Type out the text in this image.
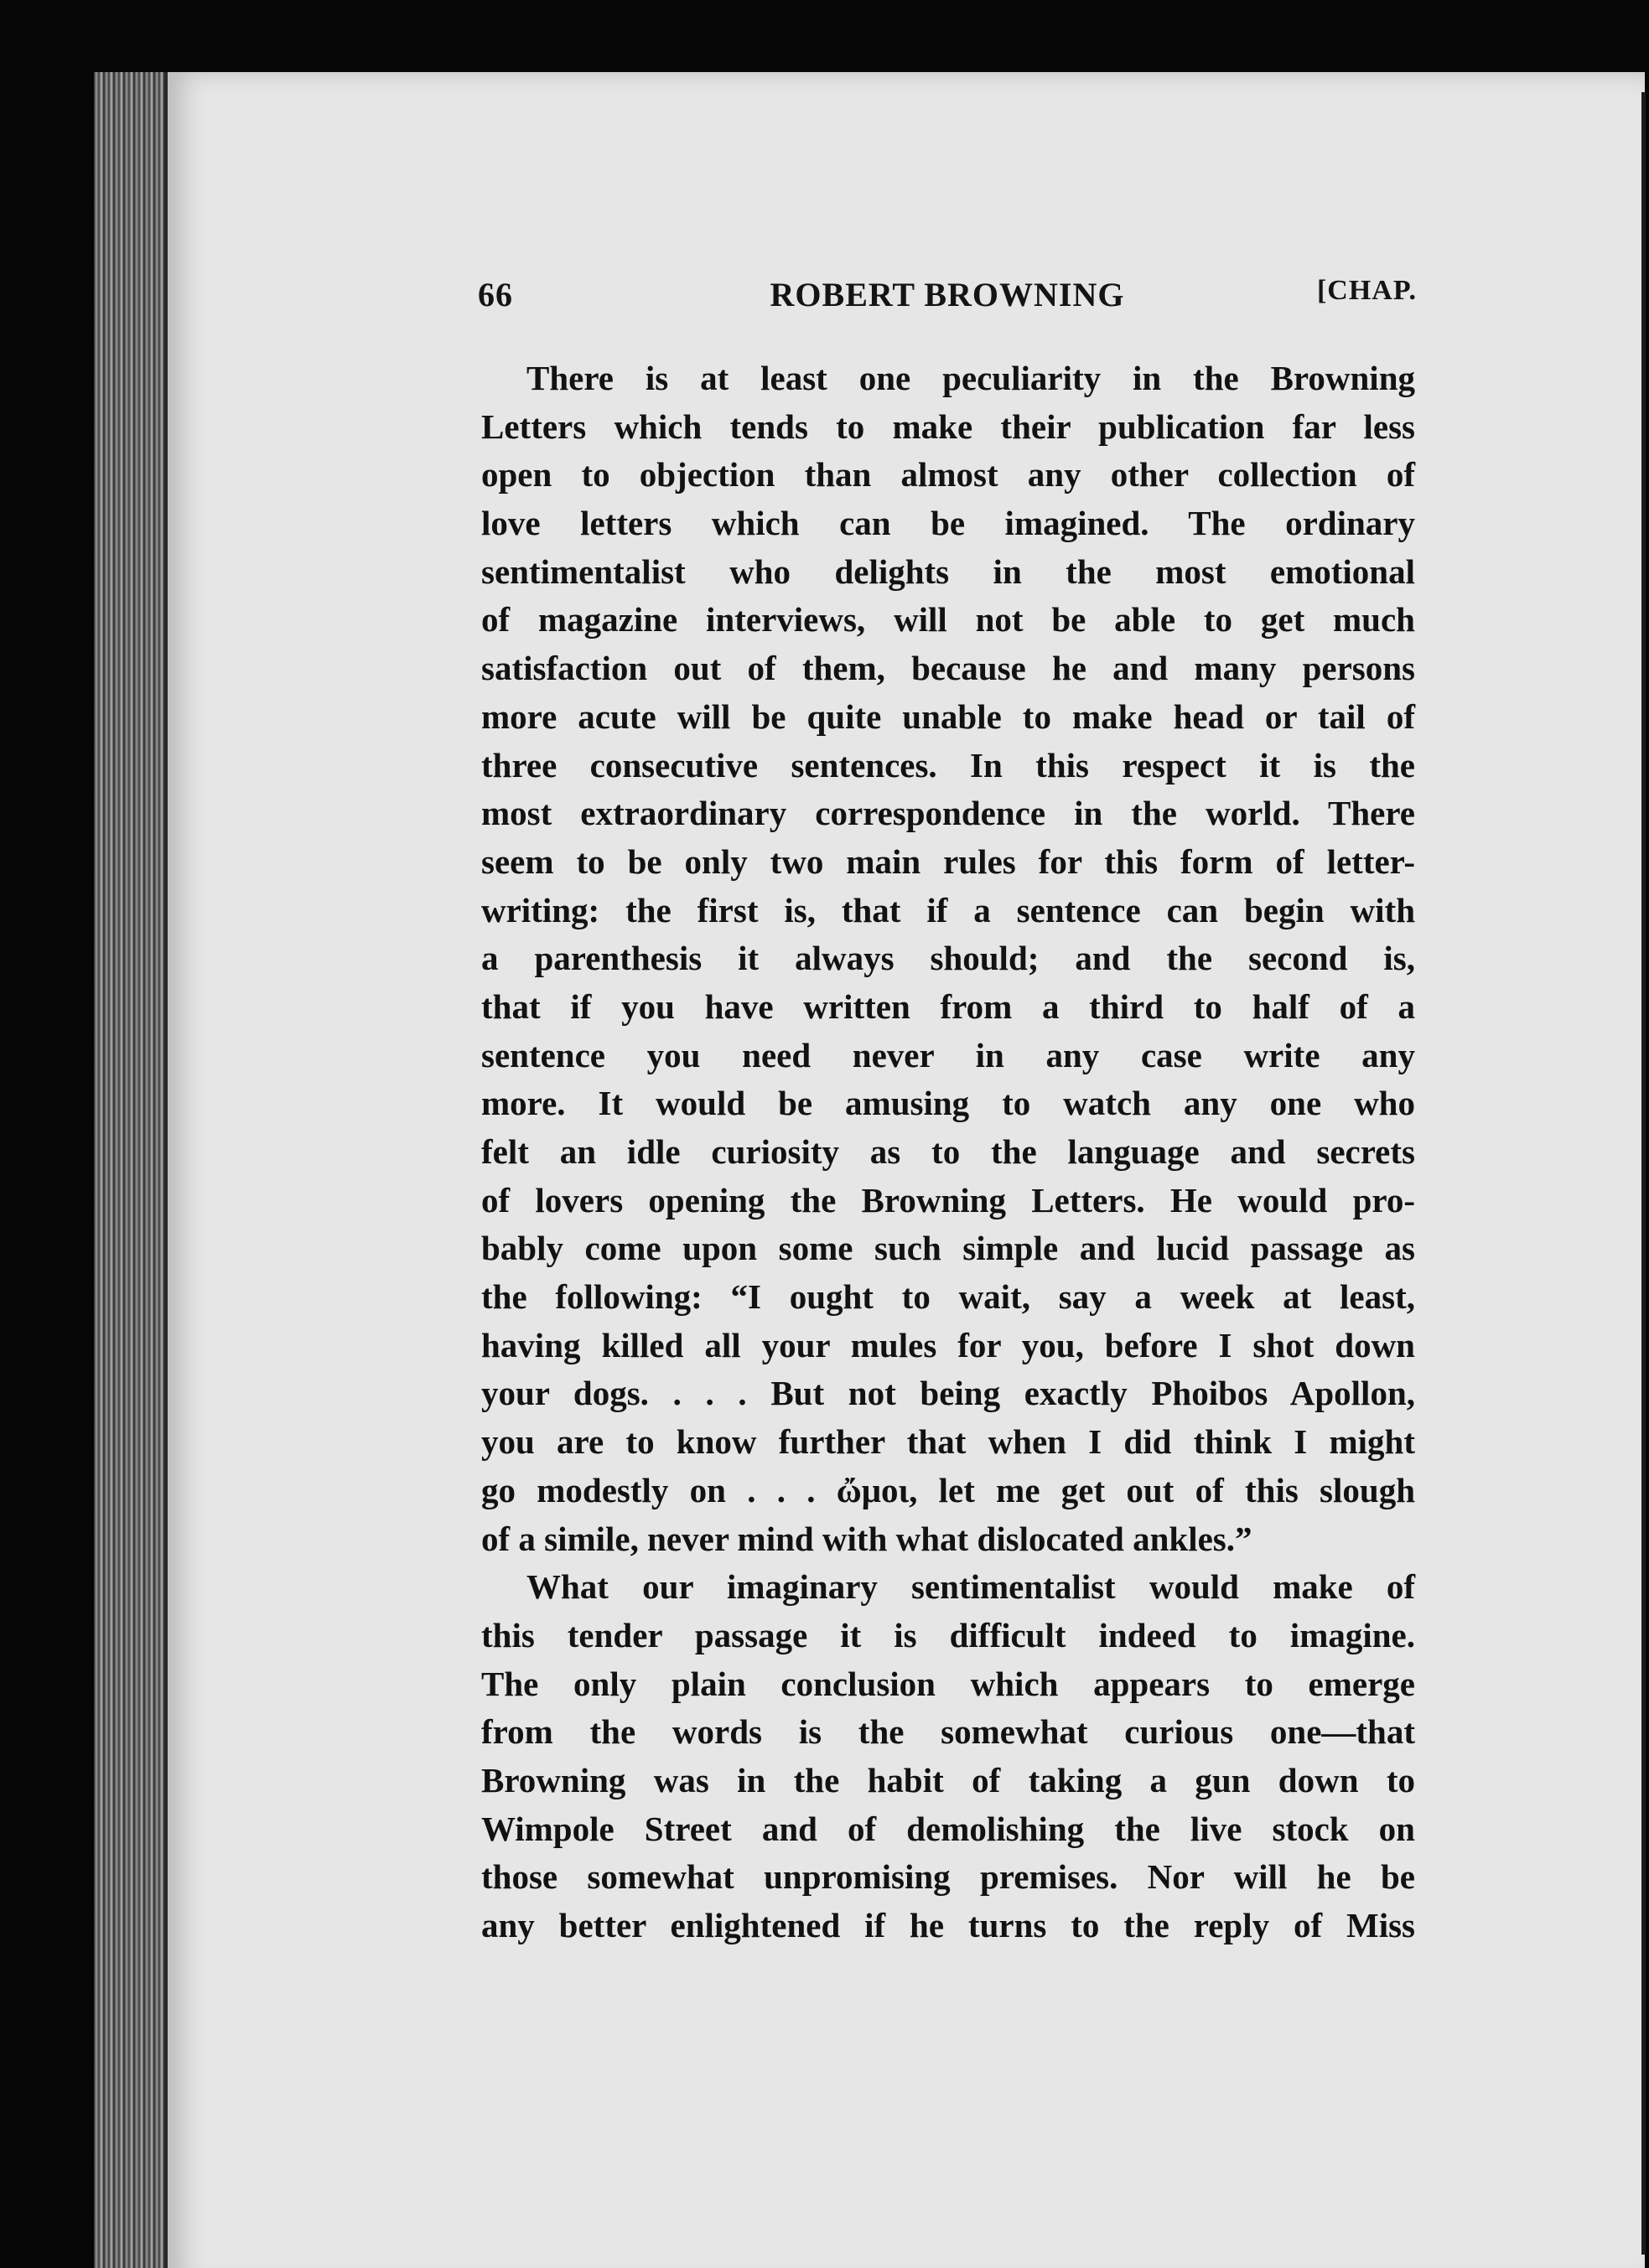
66	ROBERT BROWNING	[CHAP.
There is at least one peculiarity in the Browning
Letters which tends to make their publication far less
open to objection than almost any other collection of
love letters which can be imagined. The ordinary
sentimentalist who delights in the most emotional
of magazine interviews, will not be able to get much
satisfaction out of them, because he and many persons
more acute will be quite unable to make head or tail of
three consecutive sentences. In this respect it is the
most extraordinary correspondence in the world. There
seem to be only two main rules for this form of letter-
writing: the first is, that if a sentence can begin with
a parenthesis it always should; and the second is,
that if you have written from a third to half of a
sentence you need never in any case write any
more. It would be amusing to watch any one who
felt an idle curiosity as to the language and secrets
of lovers opening the Browning Letters. He would pro-
bably come upon some such simple and lucid passage as
the following: “I ought to wait, say a week at least,
having killed all your mules for you, before I shot down
your dogs. . . . But not being exactly Phoibos Apollon,
you are to know further that when I did think I might
go modestly on . . . ὤμοι, let me get out of this slough
of a simile, never mind with what dislocated ankles.”
What our imaginary sentimentalist would make of
this tender passage it is difficult indeed to imagine.
The only plain conclusion which appears to emerge
from the words is the somewhat curious one—that
Browning was in the habit of taking a gun down to
Wimpole Street and of demolishing the live stock on
those somewhat unpromising premises. Nor will he be
any better enlightened if he turns to the reply of Miss
